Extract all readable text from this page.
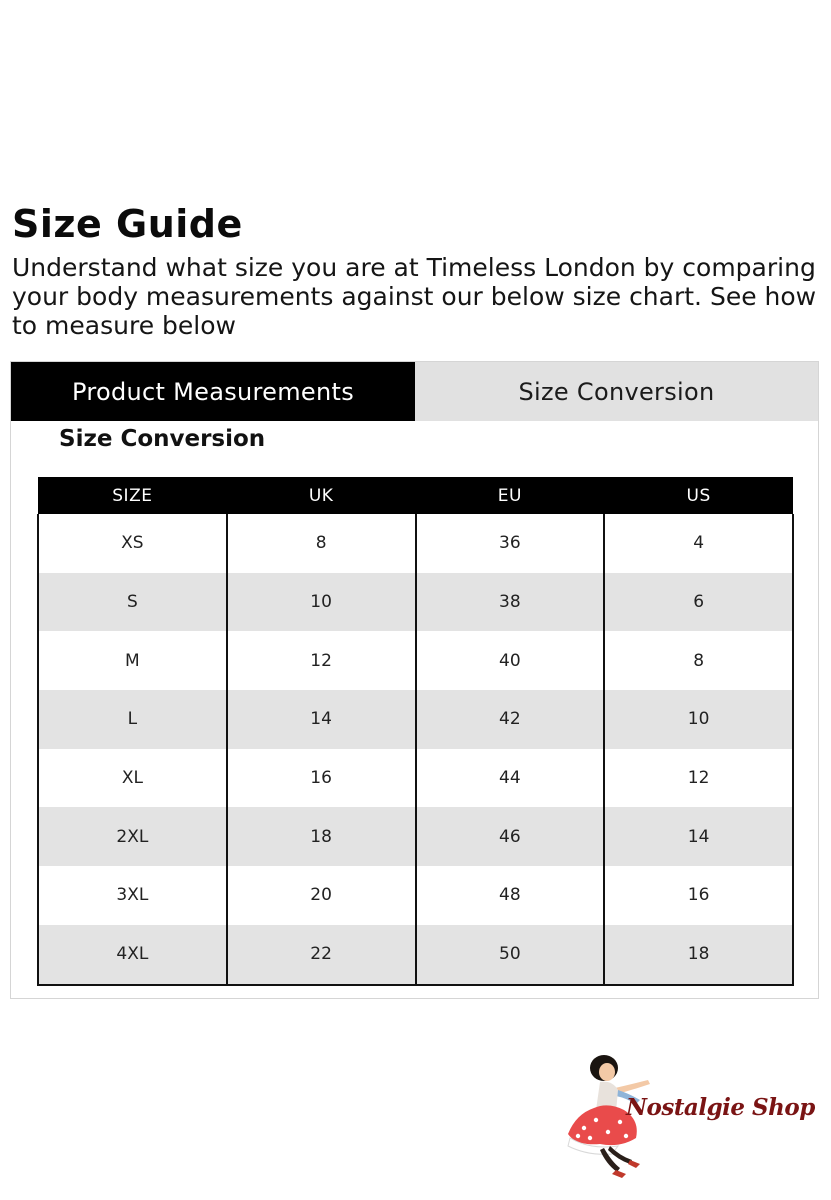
Size Guide

Understand what size you are at Timeless London by comparing your body measurements against our below size chart. See how to measure below

Product Measurements	Size Conversion
Size Conversion
SIZE	UK	EU	US
XS	8	36	4
S	10	38	6
M	12	40	8
L	14	42	10
XL	16	44	12
2XL	18	46	14
3XL	20	48	16
4XL	22	50	18
Nostalgie Shop
